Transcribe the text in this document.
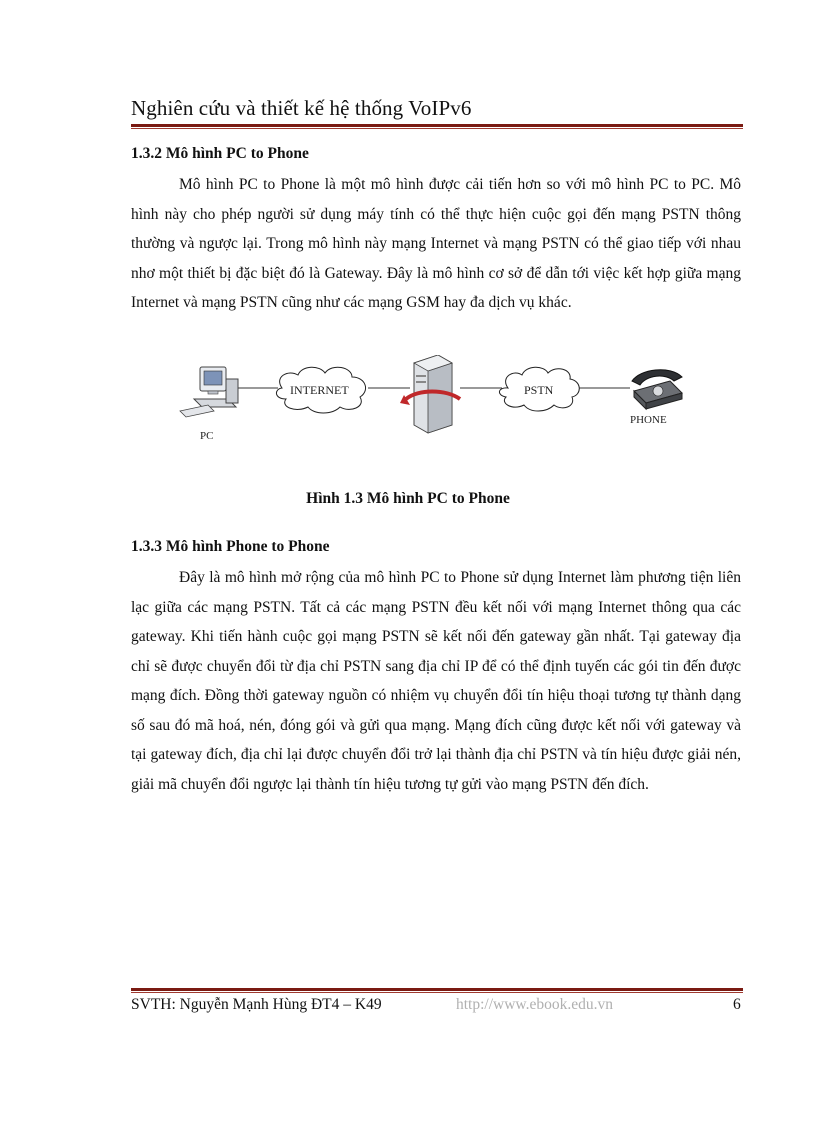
Nghiên cứu và thiết kế hệ thống VoIPv6
1.3.2 Mô hình PC to Phone

Mô hình PC to Phone là một mô hình được cải tiến hơn so với mô hình PC to PC. Mô hình này cho phép người sử dụng máy tính có thể thực hiện cuộc gọi đến mạng PSTN thông thường và ngược lại. Trong mô hình này mạng Internet và mạng PSTN có thể giao tiếp với nhau nhơ một thiết bị đặc biệt đó là Gateway. Đây là mô hình cơ sở để dẫn tới việc kết hợp giữa mạng Internet và mạng PSTN cũng như các mạng GSM hay đa dịch vụ khác.

PC
INTERNET	PSTN
PHONE
Hình 1.3 Mô hình PC to Phone
1.3.3 Mô hình Phone to Phone

Đây là mô hình mở rộng của mô hình PC to Phone sử dụng Internet làm phương tiện liên lạc giữa các mạng PSTN. Tất cả các mạng PSTN đều kết nối với mạng Internet thông qua các gateway. Khi tiến hành cuộc gọi mạng PSTN sẽ kết nối đến gateway gần nhất. Tại gateway địa chỉ sẽ được chuyển đổi từ địa chỉ PSTN sang địa chỉ IP để có thể định tuyến các gói tin đến được mạng đích. Đồng thời gateway nguồn có nhiệm vụ chuyển đổi tín hiệu thoại tương tự thành dạng số sau đó mã hoá, nén, đóng gói và gửi qua mạng. Mạng đích cũng được kết nối với gateway và tại gateway đích, địa chỉ lại được chuyển đổi trở lại thành địa chỉ PSTN và tín hiệu được giải nén, giải mã chuyển đổi ngược lại thành tín hiệu tương tự gửi vào mạng PSTN đến đích.

SVTH: Nguyễn Mạnh Hùng ĐT4 – K49	http://www.ebook.edu.vn	6
